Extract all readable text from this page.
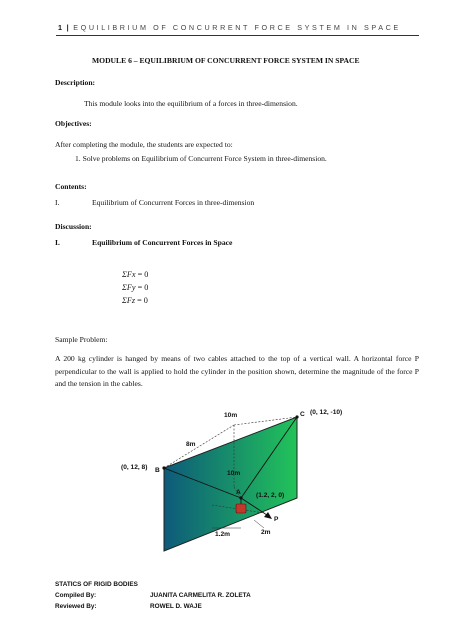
1 | EQUILIBRIUM OF CONCURRENT FORCE SYSTEM IN SPACE
MODULE 6 – EQUILIBRIUM OF CONCURRENT FORCE SYSTEM IN SPACE
Description:
This module looks into the equilibrium of a forces in three-dimension.
Objectives:
After completing the module, the students are expected to:
1. Solve problems on Equilibrium of Concurrent Force System in three-dimension.
Contents:
I.	Equilibrium of Concurrent Forces in three-dimension
Discussion:
I.	Equilibrium of Concurrent Forces in Space
ΣFx = 0
ΣFy = 0
ΣFz = 0
Sample Problem:
A 200 kg cylinder is hanged by means of two cables attached to the top of a vertical wall. A horizontal force P perpendicular to the wall is applied to hold the cylinder in the position shown, determine the magnitude of the force P and the tension in the cables.
10m
8m
10m
(0, 12, 8) B
C (0, 12, -10)
A (1.2, 2, 0)
P
1.2m	2m
STATICS OF RIGID BODIES
Compiled By:	JUANITA CARMELITA R. ZOLETA
Reviewed By:	ROWEL D. WAJE
